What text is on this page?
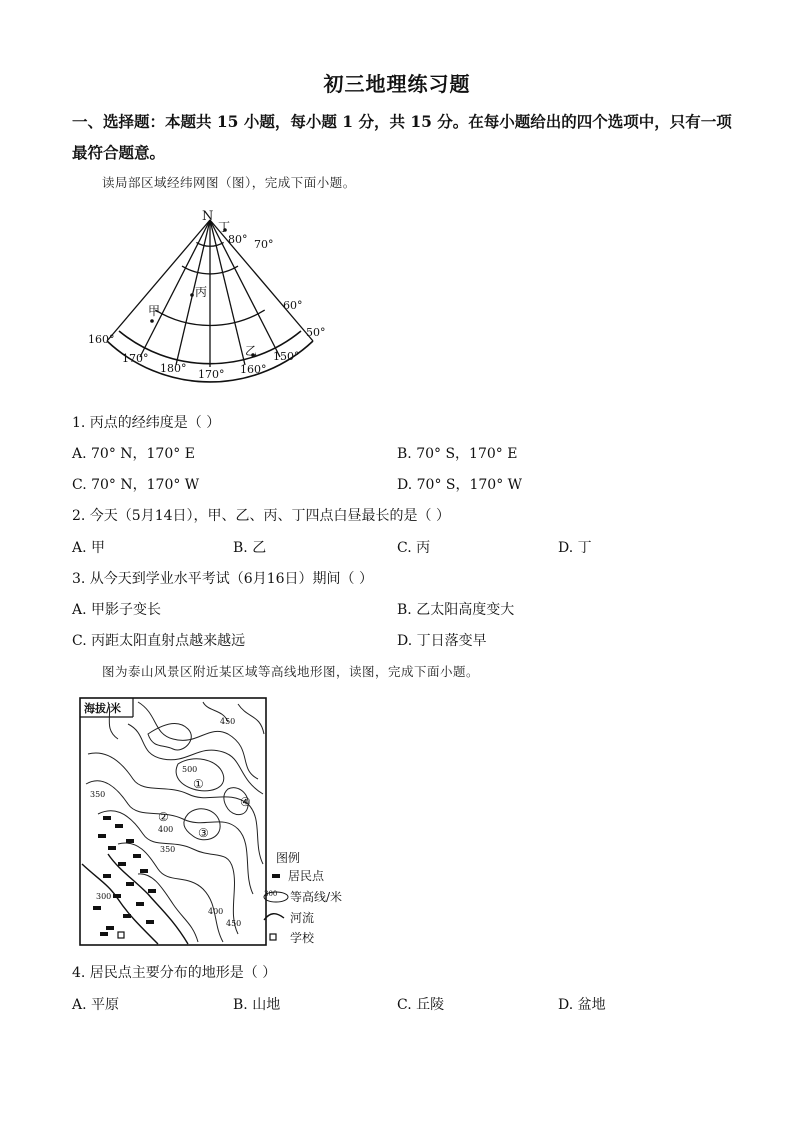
初三地理练习题
一、选择题：本题共 15 小题，每小题 1 分，共 15 分。在每小题给出的四个选项中，只有一项最符合题意。
读局部区域经纬网图（图），完成下面小题。
N
80° 70°
60°
50°
160°
170°
180° 170° 160°
150°
甲
乙
丙
丁
1. 丙点的经纬度是（ ）
A. 70° N，170° E	B. 70° S，170° E
C. 70° N，170° W	D. 70° S，170° W
2. 今天（5月14日），甲、乙、丙、丁四点白昼最长的是（ ）
A. 甲	B. 乙	C. 丙	D. 丁
3. 从今天到学业水平考试（6月16日）期间（ ）
A. 甲影子变长	B. 乙太阳高度变大
C. 丙距太阳直射点越来越远	D. 丁日落变早
图为泰山风景区附近某区域等高线地形图，读图，完成下面小题。
海拔/米
450
500
350
400
350
300
450
400
①
②
③
④
图例
居民点
300 等高线/米
河流
学校
4. 居民点主要分布的地形是（ ）
A. 平原	B. 山地	C. 丘陵	D. 盆地
